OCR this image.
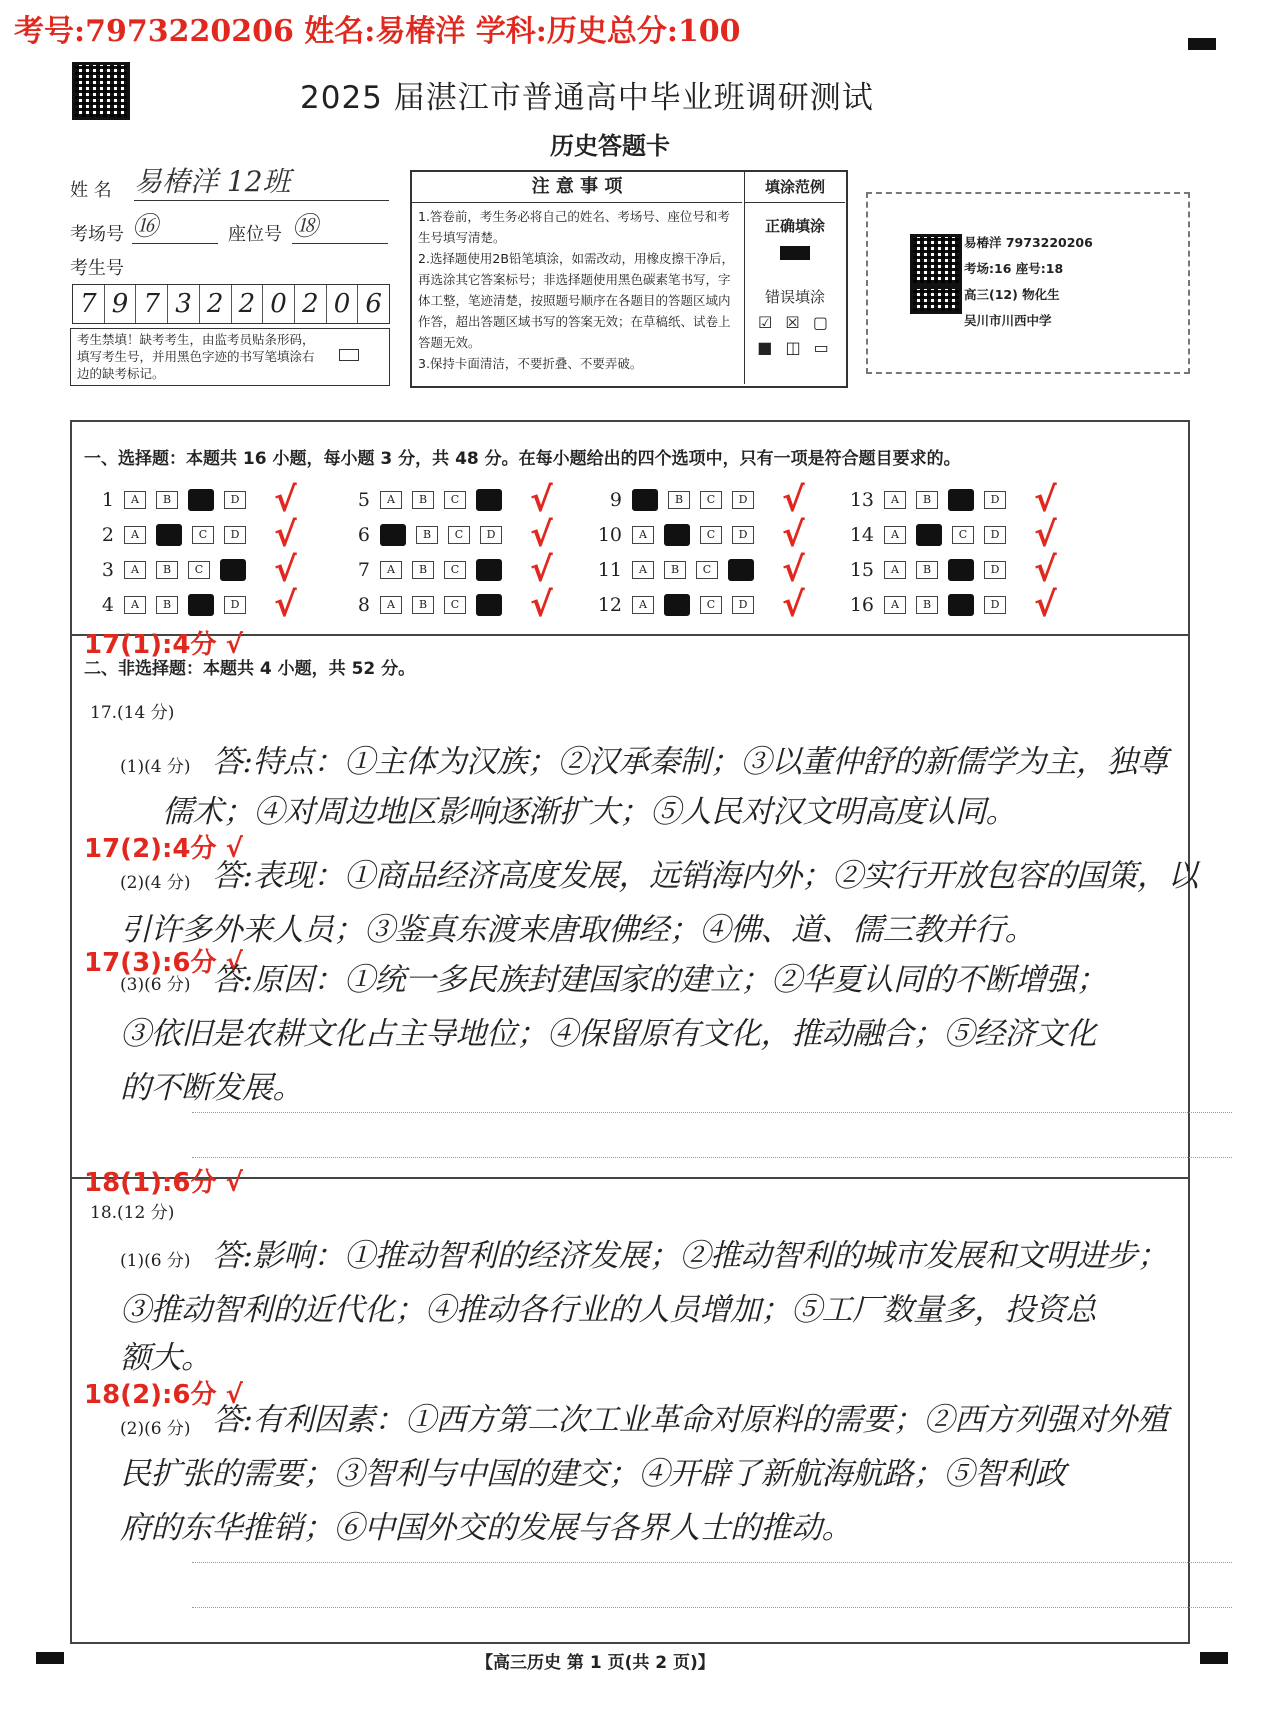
考号:7973220206 姓名:易椿洋 学科:历史总分:100
2025 届湛江市普通高中毕业班调研测试
历史答题卡
姓 名 易椿洋 12班
考场号 ⑯	座位号 ⑱
考生号
7 9 7 3 2 2 0 2 0 6
考生禁填！缺考考生，由监考员贴条形码，填写考生号，并用黑色字迹的书写笔填涂右边的缺考标记。
注 意 事 项
1.答卷前，考生务必将自己的姓名、考场号、座位号和考生号填写清楚。
2.选择题使用2B铅笔填涂，如需改动，用橡皮擦干净后，再选涂其它答案标号；非选择题使用黑色碳素笔书写，字体工整，笔迹清楚，按照题号顺序在各题目的答题区域内作答，超出答题区域书写的答案无效；在草稿纸、试卷上答题无效。
3.保持卡面清洁，不要折叠、不要弄破。
填涂范例
正确填涂
错误填涂
☑ ☒ ▢
■ ◫ ▭
易椿洋 7973220206
考场:16 座号:18
高三(12) 物化生
吴川市川西中学
一、选择题：本题共 16 小题，每小题 3 分，共 48 分。在每小题给出的四个选项中，只有一项是符合题目要求的。
1	A	B	C	D √
2	A	B	C	D √
3	A	B	C	D √
4	A	B	C	D √
5	A	B	C	D √
6	A	B	C	D √
7	A	B	C	D √
8	A	B	C	D √
9	A	B	C	D √
10	A	B	C	D √
11	A	B	C	D √
12	A	B	C	D √
13	A	B	C	D √
14	A	B	C	D √
15	A	B	C	D √
16	A	B	C	D √
17(1):4分 √
二、非选择题：本题共 4 小题，共 52 分。
17.(14 分)
(1)(4 分) 答:特点：①主体为汉族；②汉承秦制；③以董仲舒的新儒学为主，独尊
儒术；④对周边地区影响逐渐扩大；⑤人民对汉文明高度认同。
17(2):4分 √
(2)(4 分) 答:表现：①商品经济高度发展，远销海内外；②实行开放包容的国策，以
引许多外来人员；③鉴真东渡来唐取佛经；④佛、道、儒三教并行。
17(3):6分 √
(3)(6 分) 答:原因：①统一多民族封建国家的建立；②华夏认同的不断增强；
③依旧是农耕文化占主导地位；④保留原有文化，推动融合；⑤经济文化
的不断发展。
18(1):6分 √
18.(12 分)
(1)(6 分) 答:影响：①推动智利的经济发展；②推动智利的城市发展和文明进步；
③推动智利的近代化；④推动各行业的人员增加；⑤工厂数量多，投资总
额大。
18(2):6分 √
(2)(6 分) 答:有利因素：①西方第二次工业革命对原料的需要；②西方列强对外殖
民扩张的需要；③智利与中国的建交；④开辟了新航海航路；⑤智利政
府的东华推销；⑥中国外交的发展与各界人士的推动。
【高三历史 第 1 页(共 2 页)】
